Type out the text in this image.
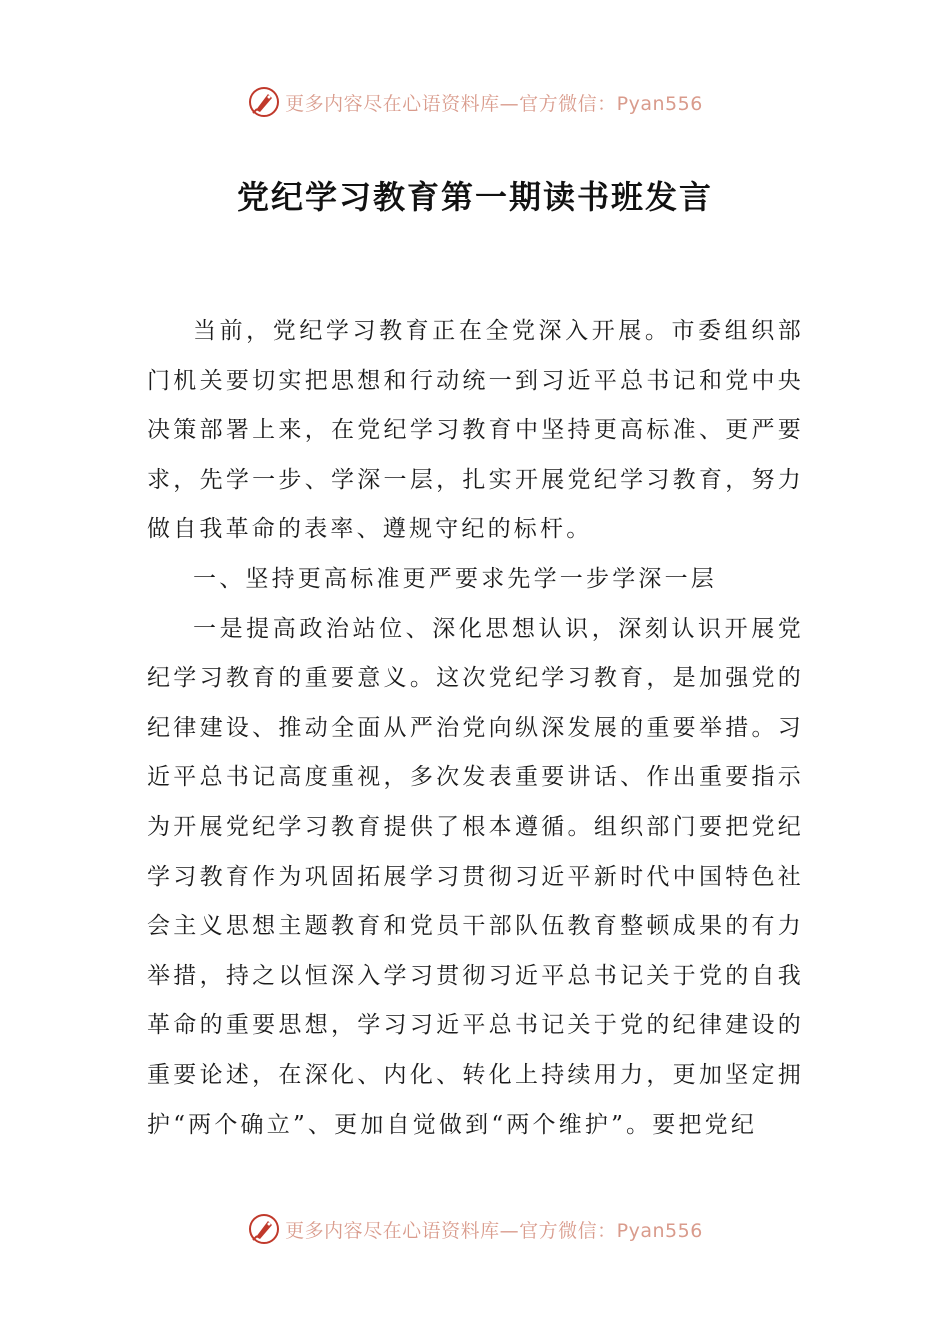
更多内容尽在心语资料库—官方微信：Pyan556
党纪学习教育第一期读书班发言

当前，党纪学习教育正在全党深入开展。市委组织部门机关要切实把思想和行动统一到习近平总书记和党中央决策部署上来，在党纪学习教育中坚持更高标准、更严要求，先学一步、学深一层，扎实开展党纪学习教育，努力做自我革命的表率、遵规守纪的标杆。

一、坚持更高标准更严要求先学一步学深一层

一是提高政治站位、深化思想认识，深刻认识开展党纪学习教育的重要意义。这次党纪学习教育，是加强党的纪律建设、推动全面从严治党向纵深发展的重要举措。习近平总书记高度重视，多次发表重要讲话、作出重要指示为开展党纪学习教育提供了根本遵循。组织部门要把党纪学习教育作为巩固拓展学习贯彻习近平新时代中国特色社会主义思想主题教育和党员干部队伍教育整顿成果的有力举措，持之以恒深入学习贯彻习近平总书记关于党的自我革命的重要思想，学习习近平总书记关于党的纪律建设的重要论述，在深化、内化、转化上持续用力，更加坚定拥护“两个确立”、更加自觉做到“两个维护”。要把党纪

更多内容尽在心语资料库—官方微信：Pyan556
